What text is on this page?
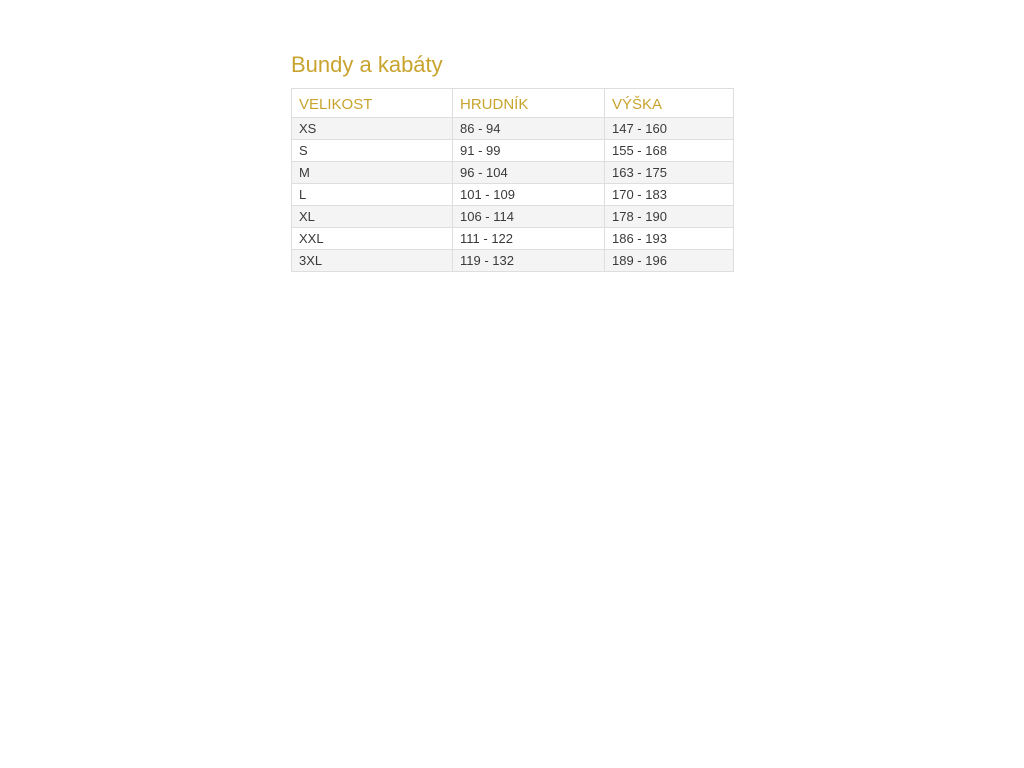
Bundy a kabáty
VELIKOST	HRUDNÍK	VÝŠKA
XS	86 - 94	147 - 160
S	91 - 99	155 - 168
M	96 - 104	163 - 175
L	101 - 109	170 - 183
XL	106 - 114	178 - 190
XXL	111 - 122	186 - 193
3XL	119 - 132	189 - 196
